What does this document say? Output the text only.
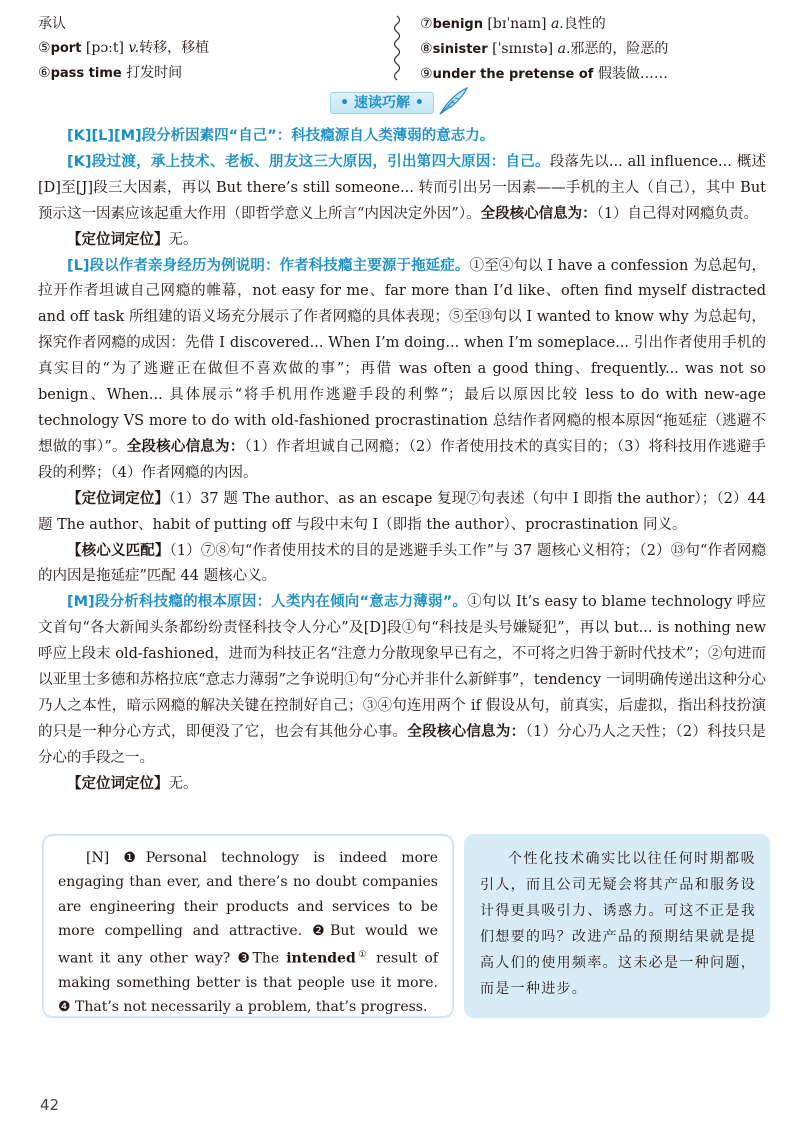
承认
⑤port [pɔːt] v.转移，移植
⑥pass time 打发时间
⑦benign [bɪˈnaɪn] a.良性的
⑧sinister [ˈsɪnɪstə] a.邪恶的，险恶的
⑨under the pretense of 假装做……
• 速读巧解 •

[K][L][M]段分析因素四“自己”：科技瘾源自人类薄弱的意志力。

[K]段过渡，承上技术、老板、朋友这三大原因，引出第四大原因：自己。段落先以... all influence... 概述[D]至[J]段三大因素，再以 But there’s still someone... 转而引出另一因素——手机的主人（自己），其中 But 预示这一因素应该起重大作用（即哲学意义上所言“内因决定外因”）。全段核心信息为：（1）自己得对网瘾负责。

【定位词定位】无。

[L]段以作者亲身经历为例说明：作者科技瘾主要源于拖延症。①至④句以 I have a confession 为总起句，拉开作者坦诚自己网瘾的帷幕，not easy for me、far more than I’d like、often find myself distracted and off task 所组建的语义场充分展示了作者网瘾的具体表现；⑤至⑬句以 I wanted to know why 为总起句，探究作者网瘾的成因：先借 I discovered... When I’m doing... when I’m someplace... 引出作者使用手机的真实目的“为了逃避正在做但不喜欢做的事”；再借 was often a good thing、frequently... was not so benign、When... 具体展示“将手机用作逃避手段的利弊”；最后以原因比较 less to do with new-age technology VS more to do with old-fashioned procrastination 总结作者网瘾的根本原因“拖延症（逃避不想做的事）”。全段核心信息为：（1）作者坦诚自己网瘾；（2）作者使用技术的真实目的；（3）将科技用作逃避手段的利弊；（4）作者网瘾的内因。

【定位词定位】（1）37 题 The author、as an escape 复现⑦句表述（句中 I 即指 the author）；（2）44 题 The author、habit of putting off 与段中末句 I（即指 the author）、procrastination 同义。

【核心义匹配】（1）⑦⑧句“作者使用技术的目的是逃避手头工作”与 37 题核心义相符；（2）⑬句“作者网瘾的内因是拖延症”匹配 44 题核心义。

[M]段分析科技瘾的根本原因：人类内在倾向“意志力薄弱”。①句以 It’s easy to blame technology 呼应文首句“各大新闻头条都纷纷责怪科技令人分心”及[D]段①句“科技是头号嫌疑犯”，再以 but... is nothing new 呼应上段末 old-fashioned，进而为科技正名“注意力分散现象早已有之，不可将之归咎于新时代技术”；②句进而以亚里士多德和苏格拉底“意志力薄弱”之争说明①句“分心并非什么新鲜事”，tendency 一词明确传递出这种分心乃人之本性，暗示网瘾的解决关键在控制好自己；③④句连用两个 if 假设从句，前真实，后虚拟，指出科技扮演的只是一种分心方式，即便没了它，也会有其他分心事。全段核心信息为：（1）分心乃人之天性；（2）科技只是分心的手段之一。

【定位词定位】无。

[N] ❶Personal technology is indeed more engaging than ever, and there’s no doubt companies are engineering their products and services to be more compelling and attractive. ❷But would we want it any other way? ❸The intended① result of making something better is that people use it more. ❹ That’s not necessarily a problem, that’s progress.

个性化技术确实比以往任何时期都吸引人，而且公司无疑会将其产品和服务设计得更具吸引力、诱惑力。可这不正是我们想要的吗？改进产品的预期结果就是提高人们的使用频率。这未必是一种问题，而是一种进步。

42
